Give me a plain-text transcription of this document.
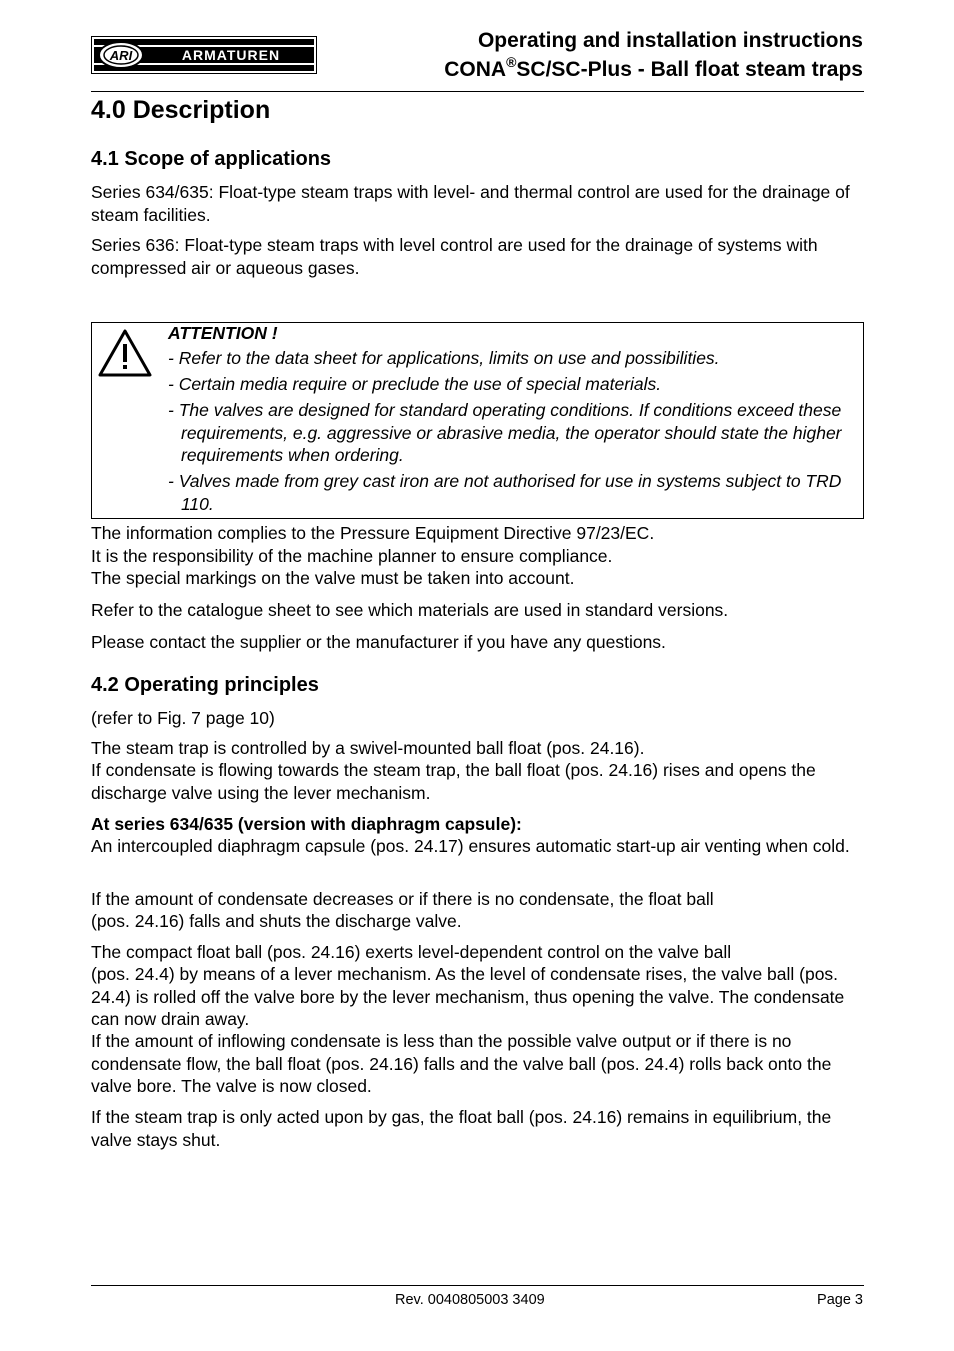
ARI	ARMATUREN
Operating and installation instructions
CONA®SC/SC-Plus - Ball float steam traps
4.0 Description
4.1 Scope of applications

Series 634/635: Float-type steam traps with level- and thermal control are used for the drainage of steam facilities.

Series 636: Float-type steam traps with level control are used for the drainage of systems with compressed air or aqueous gases.

ATTENTION !

- Refer to the data sheet for applications, limits on use and possibilities.

- Certain media require or preclude the use of special materials.

- The valves are designed for standard operating conditions. If conditions exceed these requirements, e.g. aggressive or abrasive media, the operator should state the higher requirements when ordering.

- Valves made from grey cast iron are not authorised for use in systems subject to TRD 110.

The information complies to the Pressure Equipment Directive 97/23/EC.
It is the responsibility of the machine planner to ensure compliance.
The special markings on the valve must be taken into account.

Refer to the catalogue sheet to see which materials are used in standard versions.

Please contact the supplier or the manufacturer if you have any questions.

4.2 Operating principles
(refer to Fig. 7 page 10)
The steam trap is controlled by a swivel-mounted ball float (pos. 24.16).

If condensate is flowing towards the steam trap, the ball float (pos. 24.16) rises and opens the discharge valve using the lever mechanism.

At series 634/635 (version with diaphragm capsule):

An intercoupled diaphragm capsule (pos. 24.17) ensures automatic start-up air venting when cold.

If the amount of condensate decreases or if there is no condensate, the float ball
(pos. 24.16) falls and shuts the discharge valve.
The compact float ball (pos. 24.16) exerts level-dependent control on the valve ball

(pos. 24.4) by means of a lever mechanism. As the level of condensate rises, the valve ball (pos. 24.4) is rolled off the valve bore by the lever mechanism, thus opening the valve. The condensate can now drain away.

If the amount of inflowing condensate is less than the possible valve output or if there is no condensate flow, the ball float (pos. 24.16) falls and the valve ball (pos. 24.4) rolls back onto the valve bore. The valve is now closed.

If the steam trap is only acted upon by gas, the float ball (pos. 24.16) remains in equilibrium, the valve stays shut.

Rev. 0040805003 3409	Page 3
